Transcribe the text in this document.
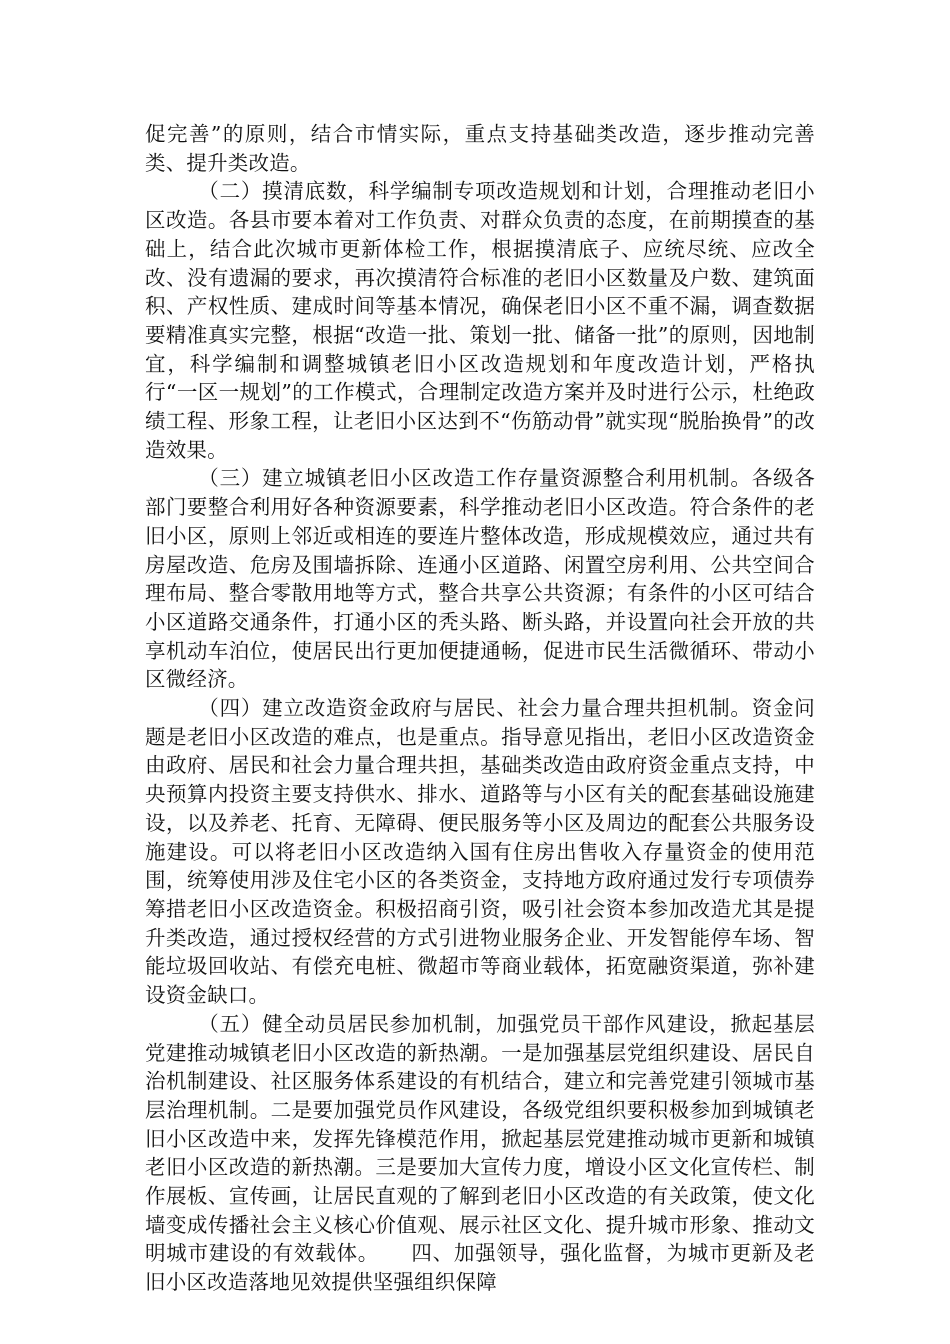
促完善”的原则，结合市情实际，重点支持基础类改造，逐步推动完善类、提升类改造。

（二）摸清底数，科学编制专项改造规划和计划，合理推动老旧小区改造。各县市要本着对工作负责、对群众负责的态度，在前期摸查的基础上，结合此次城市更新体检工作，根据摸清底子、应统尽统、应改全改、没有遗漏的要求，再次摸清符合标准的老旧小区数量及户数、建筑面积、产权性质、建成时间等基本情况，确保老旧小区不重不漏，调查数据要精准真实完整，根据“改造一批、策划一批、储备一批”的原则，因地制宜，科学编制和调整城镇老旧小区改造规划和年度改造计划，严格执行“一区一规划”的工作模式，合理制定改造方案并及时进行公示，杜绝政绩工程、形象工程，让老旧小区达到不“伤筋动骨”就实现“脱胎换骨”的改造效果。

（三）建立城镇老旧小区改造工作存量资源整合利用机制。各级各部门要整合利用好各种资源要素，科学推动老旧小区改造。符合条件的老旧小区，原则上邻近或相连的要连片整体改造，形成规模效应，通过共有房屋改造、危房及围墙拆除、连通小区道路、闲置空房利用、公共空间合理布局、整合零散用地等方式，整合共享公共资源；有条件的小区可结合小区道路交通条件，打通小区的秃头路、断头路，并设置向社会开放的共享机动车泊位，使居民出行更加便捷通畅，促进市民生活微循环、带动小区微经济。

（四）建立改造资金政府与居民、社会力量合理共担机制。资金问题是老旧小区改造的难点，也是重点。指导意见指出，老旧小区改造资金由政府、居民和社会力量合理共担，基础类改造由政府资金重点支持，中央预算内投资主要支持供水、排水、道路等与小区有关的配套基础设施建设，以及养老、托育、无障碍、便民服务等小区及周边的配套公共服务设施建设。可以将老旧小区改造纳入国有住房出售收入存量资金的使用范围，统筹使用涉及住宅小区的各类资金，支持地方政府通过发行专项债券筹措老旧小区改造资金。积极招商引资，吸引社会资本参加改造尤其是提升类改造，通过授权经营的方式引进物业服务企业、开发智能停车场、智能垃圾回收站、有偿充电桩、微超市等商业载体，拓宽融资渠道，弥补建设资金缺口。

（五）健全动员居民参加机制，加强党员干部作风建设，掀起基层党建推动城镇老旧小区改造的新热潮。一是加强基层党组织建设、居民自治机制建设、社区服务体系建设的有机结合，建立和完善党建引领城市基层治理机制。二是要加强党员作风建设，各级党组织要积极参加到城镇老旧小区改造中来，发挥先锋模范作用，掀起基层党建推动城市更新和城镇老旧小区改造的新热潮。三是要加大宣传力度，增设小区文化宣传栏、制作展板、宣传画，让居民直观的了解到老旧小区改造的有关政策，使文化墙变成传播社会主义核心价值观、展示社区文化、提升城市形象、推动文明城市建设的有效载体。　　四、加强领导，强化监督，为城市更新及老旧小区改造落地见效提供坚强组织保障
